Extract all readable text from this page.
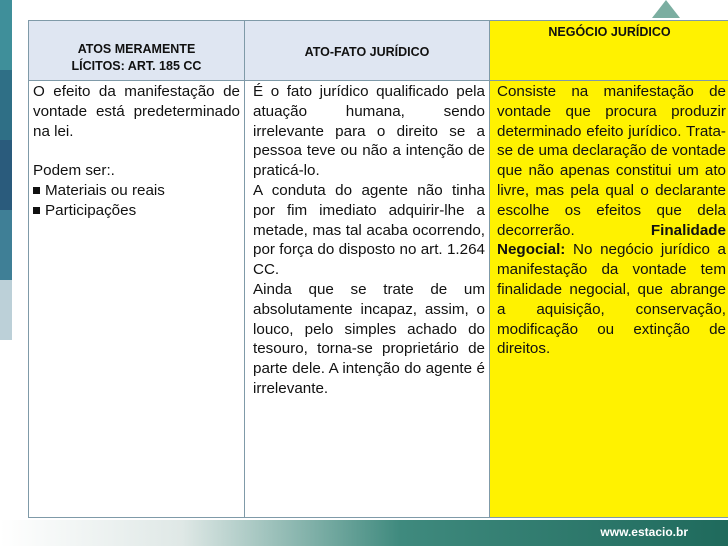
ATOS MERAMENTE
LÍCITOS: ART. 185 CC
O efeito da manifestação de vontade está predeterminado na lei.
Podem ser:.
Materiais ou reais
Participações
ATO-FATO JURÍDICO
É o fato jurídico qualificado pela atuação humana, sendo irrelevante para o direito se a pessoa teve ou não a intenção de praticá-lo.
A conduta do agente não tinha por fim imediato adquirir-lhe a metade, mas tal acaba ocorrendo, por força do disposto no art. 1.264 CC.
Ainda que se trate de um absolutamente incapaz, assim, o louco, pelo simples achado do tesouro, torna-se proprietário de parte dele. A intenção do agente é irrelevante.
NEGÓCIO JURÍDICO
Consiste na manifestação de vontade que procura produzir determinado efeito jurídico. Trata-se de uma declaração de vontade que não apenas constitui um ato livre, mas pela qual o declarante escolhe os efeitos que dela decorrerão.	Finalidade Negocial: No negócio jurídico a manifestação da vontade tem finalidade negocial, que abrange a aquisição, conservação, modificação ou extinção de direitos.
www.estacio.br
